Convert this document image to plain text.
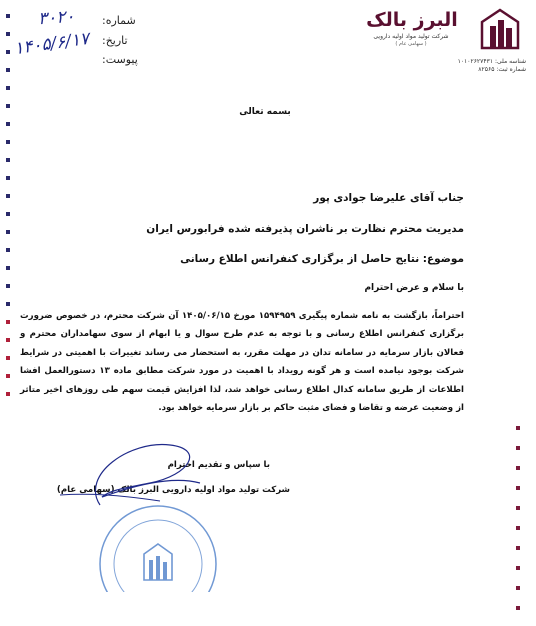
البرز بالک
شرکت تولید مواد اولیه دارویی
( سهامی عام )
شناسه ملی: ۱۰۱۰۲۶۲۷۴۳۱
شماره ثبت: ۸۲۵۶۵
شماره:
تاریخ:
پیوست:
۳۰۲۰
۱۴۰۵/۶/۱۷
بسمه تعالی
جناب آقای علیرضا جوادی پور
مدیریت محترم نظارت بر ناشران پذیرفته شده فرابورس ایران
موضوع: نتایج حاصل از برگزاری کنفرانس اطلاع رسانی
با سلام و عرض احترام
احتراماً، بازگشت به نامه شماره پیگیری ۱۵۹۴۹۵۹ مورخ ۱۴۰۵/۰۶/۱۵ آن شرکت محترم، در خصوص ضرورت برگزاری کنفرانس اطلاع رسانی و با توجه به عدم طرح سوال و یا ابهام از سوی سهامداران محترم و فعالان بازار سرمایه در سامانه تدان در مهلت مقرر، به استحضار می رساند تغییرات با اهمیتی در شرایط شرکت بوجود نیامده است و هر گونه رویداد با اهمیت در مورد شرکت مطابق ماده ۱۳ دستورالعمل افشا اطلاعات از طریق سامانه کدال اطلاع رسانی خواهد شد، لذا افزایش قیمت سهم طی روزهای اخیر متاثر از وضعیت عرضه و تقاضا و فضای مثبت حاکم بر بازار سرمایه خواهد بود.
با سپاس و تقدیم احترام
شرکت تولید مواد اولیه دارویی البرز بالک (سهامی عام)
